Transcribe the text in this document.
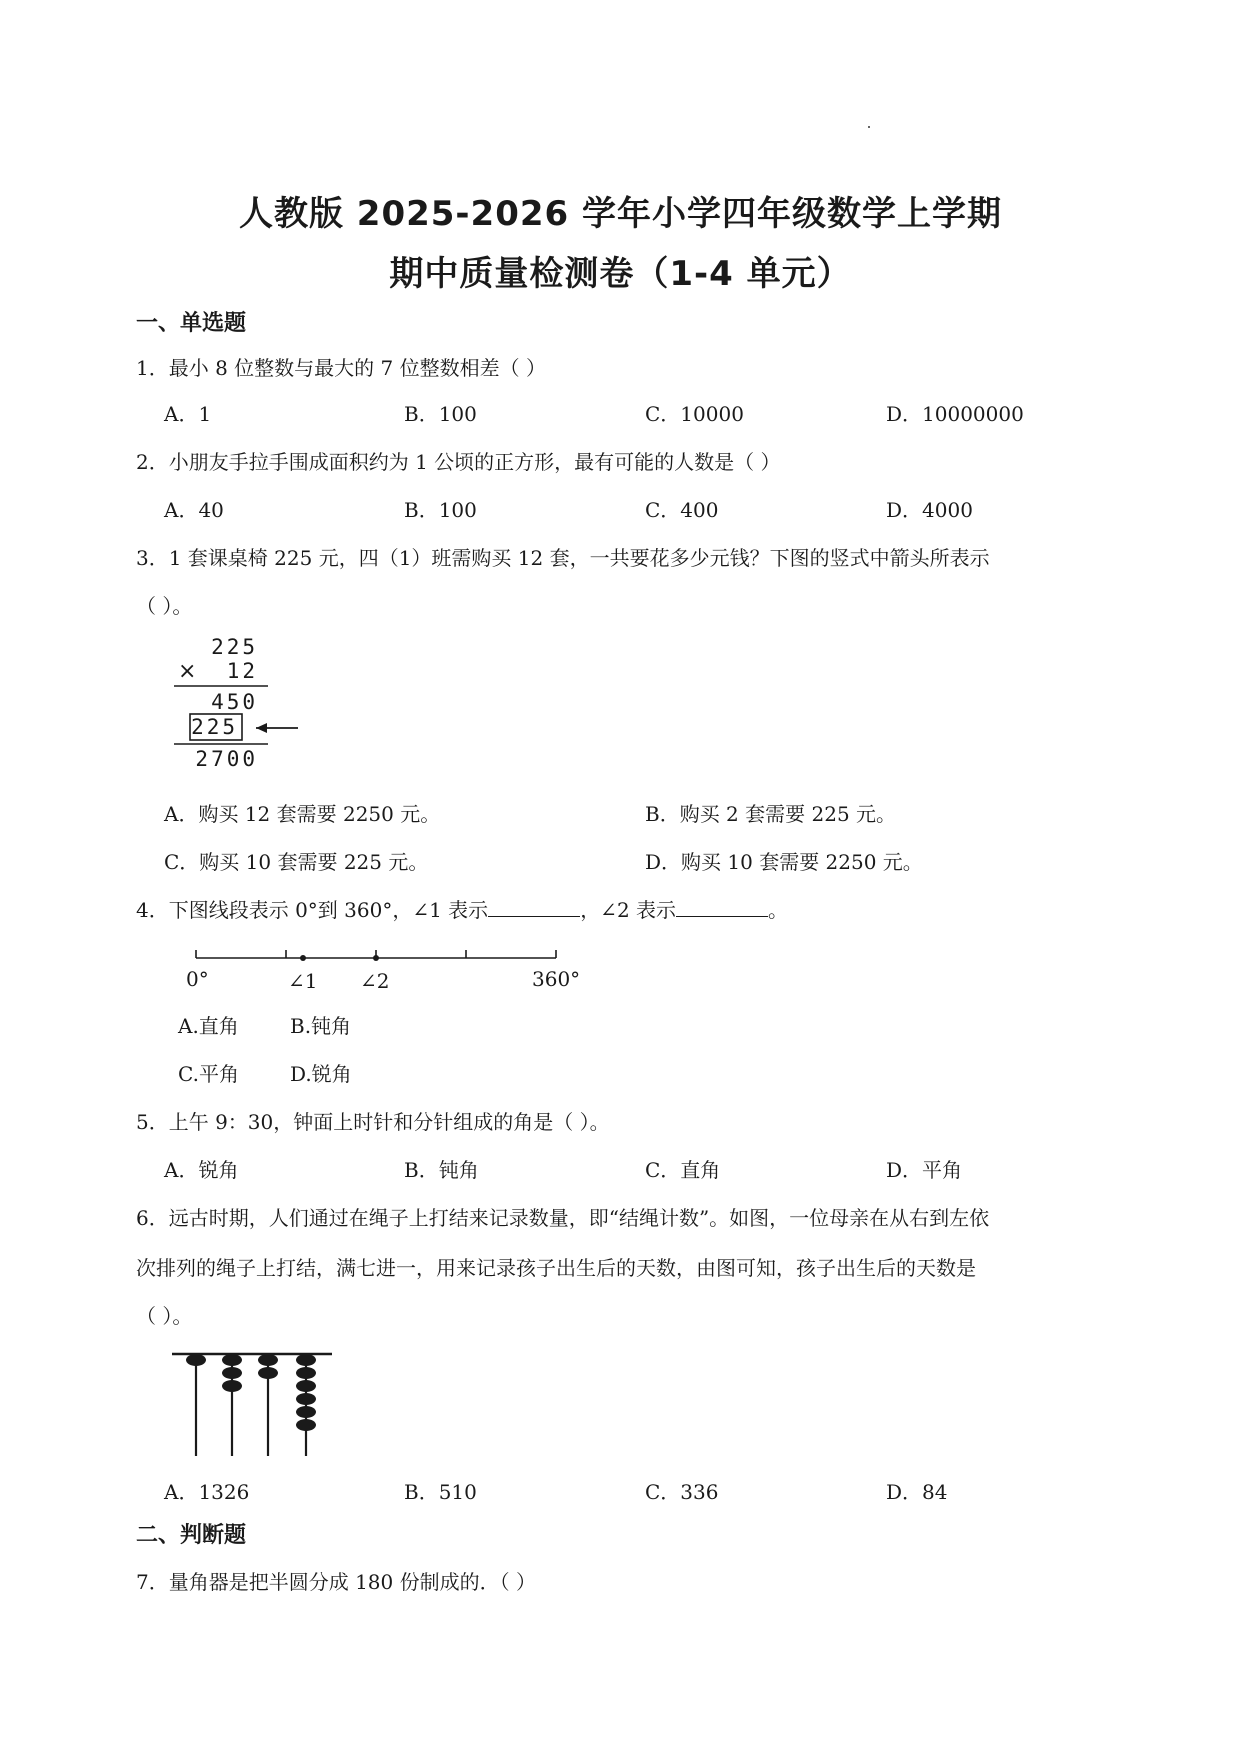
人教版 2025-2026 学年小学四年级数学上学期
期中质量检测卷（1-4 单元）
一、单选题
1．最小 8 位整数与最大的 7 位整数相差（ ）
A．1	B．100	C．10000	D．10000000
2．小朋友手拉手围成面积约为 1 公顷的正方形，最有可能的人数是（ ）
A．40	B．100	C．400	D．4000
3．1 套课桌椅 225 元，四（1）班需购买 12 套，一共要花多少元钱？下图的竖式中箭头所表示
（ ）。
225
× 12
450
225
2700
A．购买 12 套需要 2250 元。	B．购买 2 套需要 225 元。
C．购买 10 套需要 225 元。	D．购买 10 套需要 2250 元。
4．下图线段表示 0°到 360°，∠1 表示	，∠2 表示	。
0°	∠1 ∠2	360°
A.直角	B.钝角
C.平角	D.锐角
5．上午 9：30，钟面上时针和分针组成的角是（ ）。
A．锐角	B．钝角	C．直角	D．平角
6．远古时期，人们通过在绳子上打结来记录数量，即“结绳计数”。如图，一位母亲在从右到左依
次排列的绳子上打结，满七进一，用来记录孩子出生后的天数，由图可知，孩子出生后的天数是
（ ）。
A．1326	B．510	C．336	D．84
二、判断题
7．量角器是把半圆分成 180 份制成的．（ ）
